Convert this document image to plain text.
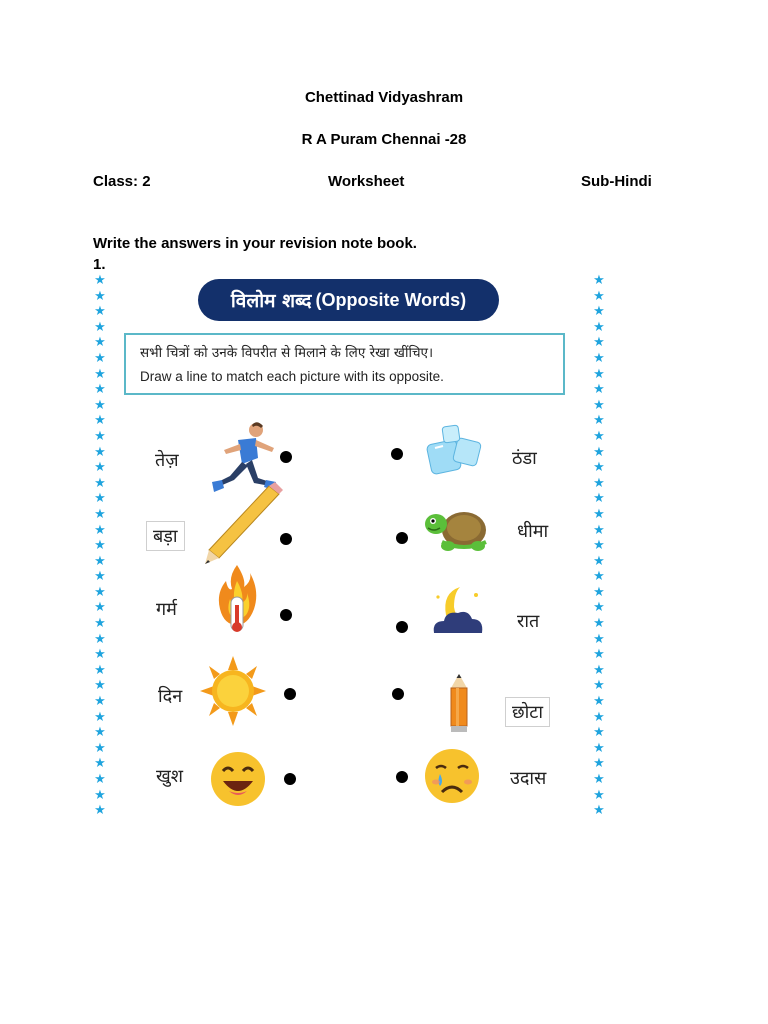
Chettinad Vidyashram
R A Puram Chennai -28
Class: 2	Worksheet	Sub-Hindi
Write the answers in your revision note book.
1.
★
★
★
★
★
★
★
★
★
★
★
★
★
★
★
★
★
★
★
★
★
★
★
★
★
★
★
★
★
★
★
★
★
★
★
★
★
★
★
★
★
★
★
★
★
★
★
★
★
★
★
★
★
★
★
★
★
★
★
★
★
★
★
★
★
★
★
★
★
★
विलोम शब्द (Opposite Words)
सभी चित्रों को उनके विपरीत से मिलाने के लिए रेखा खींचिए।
Draw a line to match each picture with its opposite.
तेज़
बड़ा
गर्म
दिन
खुश
ठंडा
धीमा
रात
छोटा
उदास
